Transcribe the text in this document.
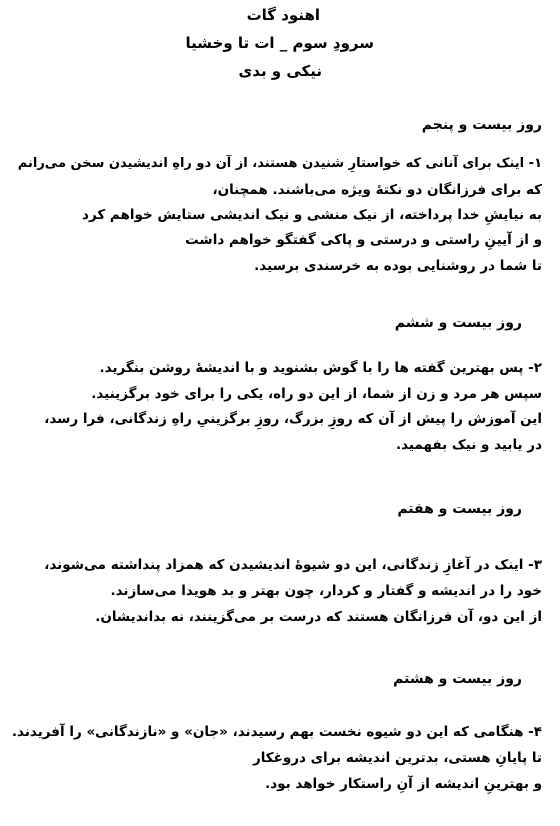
اهنود گات
سرودِ سوم _ ات تا وخشیا
نیکی و بدی
روز بیست و پنجم
۱- اینک برای آنانی که خواستارِ شنیدن هستند، از آن دو راهِ اندیشیدن سخن می‌رانم
که برای فرزانگان دو نکتهٔ ویژه می‌باشند. همچنان،
به نیایشِ خدا پرداخته، از نیک منشی و نیک اندیشی ستایش خواهم کرد
و از آیینِ راستی و درستی و پاکی گفتگو خواهم داشت
تا شما در روشنایی بوده به خرسندی برسید.
روز بیست و ششم
۲- پس بهترین گفته ها را با گوش بشنوید و با اندیشهٔ روشن بنگرید.
سپس هر مرد و زن از شما، از این دو راه، یکی را برای خود برگزینید.
این آموزش را پیش از آن که روزِ بزرگ، روزِ برگزینیِ راهِ زندگانی، فرا رسد،
در یابید و نیک بفهمید.
روز بیست و هفتم
۳- اینک در آغازِ زندگانی، این دو شیوهٔ اندیشیدن که همزاد پنداشته می‌شوند،
خود را در اندیشه و گفتار و کردار، چون بهتر و بد هویدا می‌سازند.
از این دو، آن فرزانگان هستند که درست بر می‌گزینند، نه بداندیشان.
روز بیست و هشتم
۴- هنگامی که این دو شیوه نخست بهم رسیدند، «جان» و «نازندگانی» را آفریدند.
تا پایانِ هستی، بدترین اندیشه برای دروغکار
و بهترینِ اندیشه از آنِ راستکار خواهد بود.
